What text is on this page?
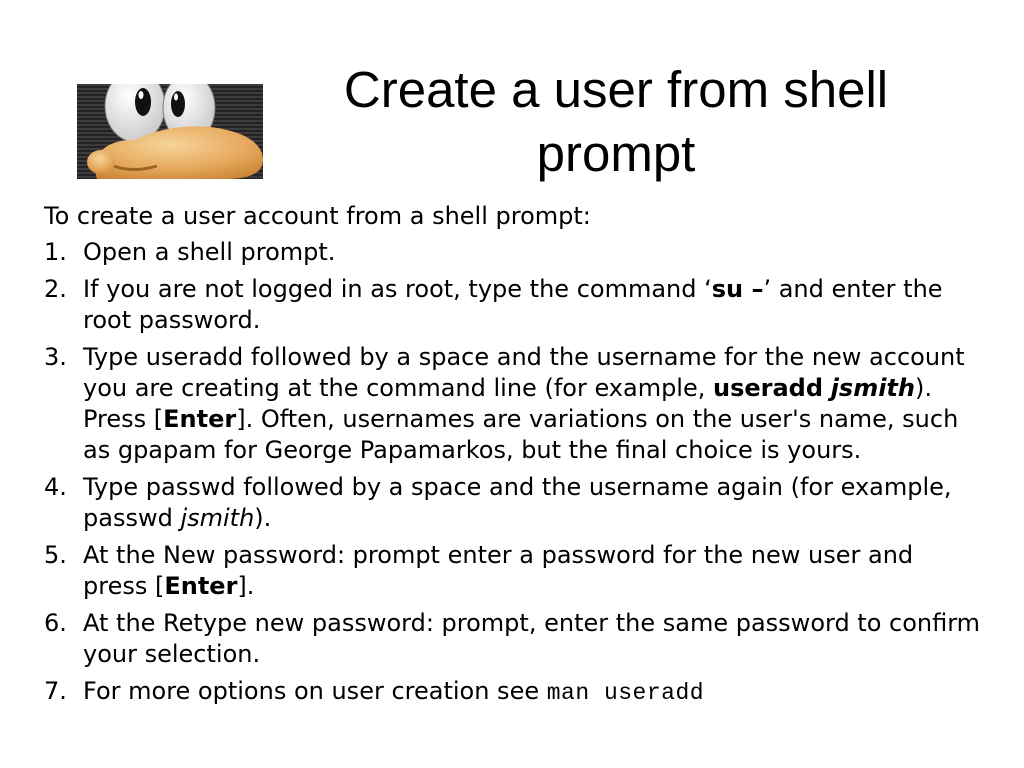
Create a user from shell prompt

To create a user account from a shell prompt:

1. Open a shell prompt.
2. If you are not logged in as root, type the command ‘su –’ and enter the root password.
3. Type useradd followed by a space and the username for the new account you are creating at the command line (for example, useradd jsmith). Press [Enter]. Often, usernames are variations on the user's name, such as gpapam for George Papamarkos, but the final choice is yours.
4. Type passwd followed by a space and the username again (for example, passwd jsmith).
5. At the New password: prompt enter a password for the new user and press [Enter].
6. At the Retype new password: prompt, enter the same password to confirm your selection.
7. For more options on user creation see man useradd
